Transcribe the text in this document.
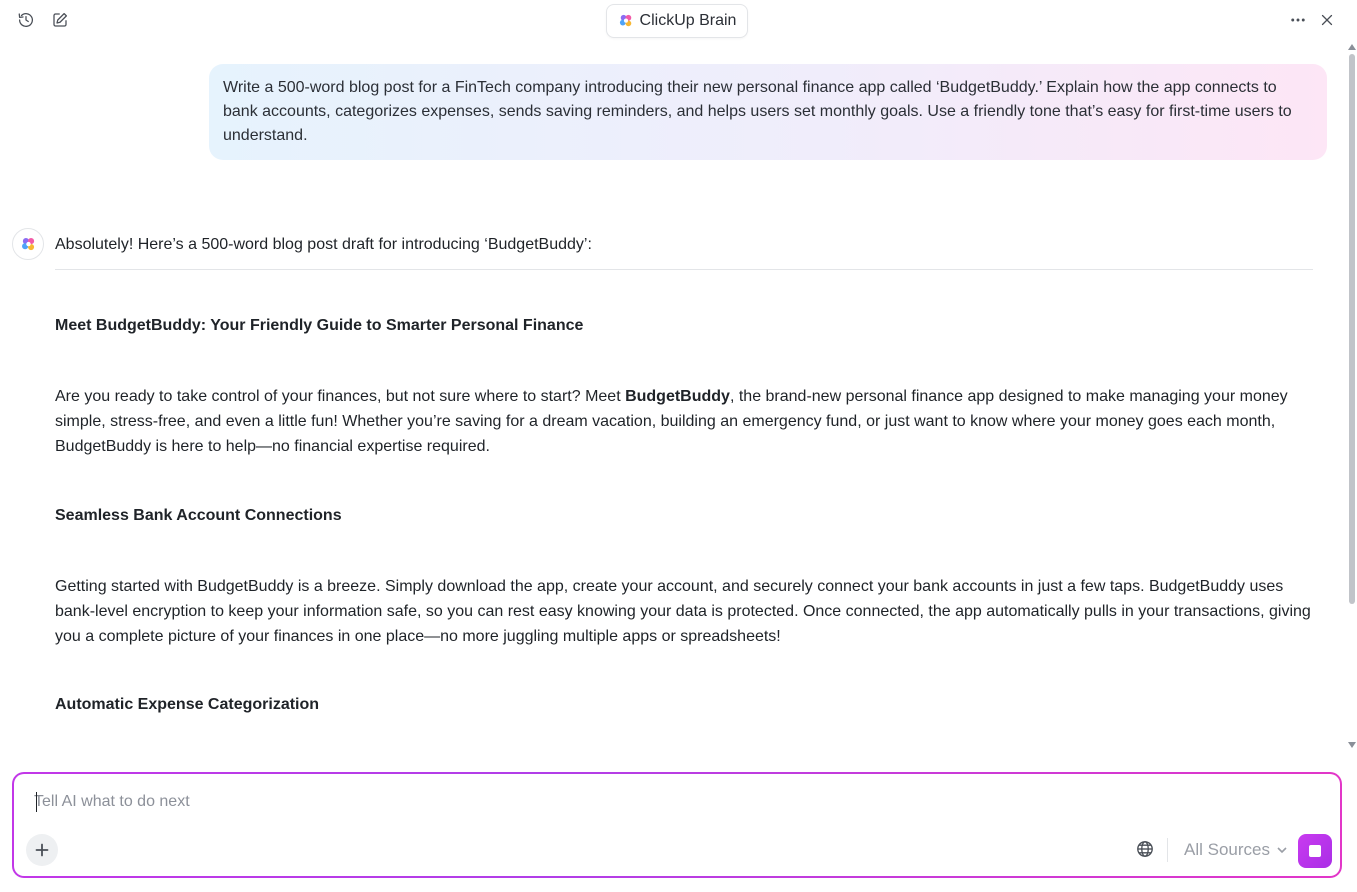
ClickUp Brain

Write a 500-word blog post for a FinTech company introducing their new personal finance app called ‘BudgetBuddy.’ Explain how the app connects to bank accounts, categorizes expenses, sends saving reminders, and helps users set monthly goals. Use a friendly tone that’s easy for first-time users to understand.

Absolutely! Here’s a 500-word blog post draft for introducing ‘BudgetBuddy’:
Meet BudgetBuddy: Your Friendly Guide to Smarter Personal Finance
Are you ready to take control of your finances, but not sure where to start? Meet BudgetBuddy, the brand-new personal finance app designed to make managing your money simple, stress-free, and even a little fun! Whether you’re saving for a dream vacation, building an emergency fund, or just want to know where your money goes each month, BudgetBuddy is here to help—no financial expertise required.
Seamless Bank Account Connections
Getting started with BudgetBuddy is a breeze. Simply download the app, create your account, and securely connect your bank accounts in just a few taps. BudgetBuddy uses bank-level encryption to keep your information safe, so you can rest easy knowing your data is protected. Once connected, the app automatically pulls in your transactions, giving you a complete picture of your finances in one place—no more juggling multiple apps or spreadsheets!
Automatic Expense Categorization
Tell AI what to do next
All Sources
